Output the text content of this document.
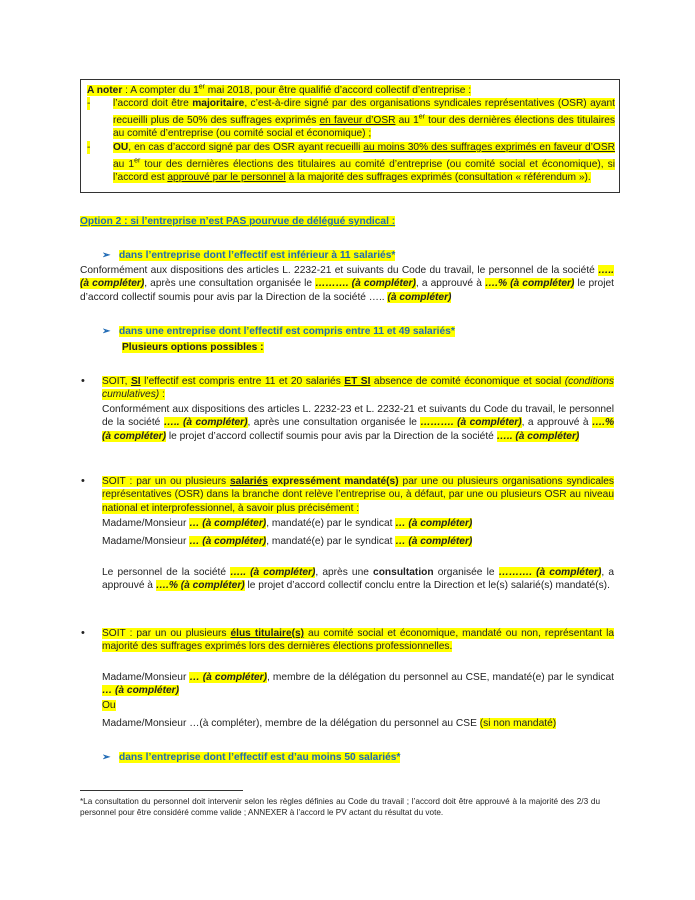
A noter : A compter du 1er mai 2018, pour être qualifié d’accord collectif d’entreprise :
- l’accord doit être majoritaire, c’est-à-dire signé par des organisations syndicales représentatives (OSR) ayant recueilli plus de 50% des suffrages exprimés en faveur d’OSR au 1er tour des dernières élections des titulaires au comité d’entreprise (ou comité social et économique) ;

- OU, en cas d’accord signé par des OSR ayant recueilli au moins 30% des suffrages exprimés en faveur d’OSR au 1er tour des dernières élections des titulaires au comité d’entreprise (ou comité social et économique), si l’accord est approuvé par le personnel à la majorité des suffrages exprimés (consultation « référendum »).

Option 2 : si l’entreprise n’est PAS pourvue de délégué syndical :
➢ dans l’entreprise dont l’effectif est inférieur à 11 salariés*

Conformément aux dispositions des articles L. 2232-21 et suivants du Code du travail, le personnel de la société ….. (à compléter), après une consultation organisée le ………. (à compléter), a approuvé à ….% (à compléter) le projet d’accord collectif soumis pour avis par la Direction de la société ….. (à compléter)

➢ dans une entreprise dont l’effectif est compris entre 11 et 49 salariés*
Plusieurs options possibles :
• SOIT, SI l’effectif est compris entre 11 et 20 salariés ET SI absence de comité économique et social (conditions cumulatives) :

Conformément aux dispositions des articles L. 2232-23 et L. 2232-21 et suivants du Code du travail, le personnel de la société ….. (à compléter), après une consultation organisée le ………. (à compléter), a approuvé à ….% (à compléter) le projet d’accord collectif soumis pour avis par la Direction de la société ….. (à compléter)

• SOIT : par un ou plusieurs salariés expressément mandaté(s) par une ou plusieurs organisations syndicales représentatives (OSR) dans la branche dont relève l’entreprise ou, à défaut, par une ou plusieurs OSR au niveau national et interprofessionnel, à savoir plus précisément :

Madame/Monsieur … (à compléter), mandaté(e) par le syndicat … (à compléter)

Madame/Monsieur … (à compléter), mandaté(e) par le syndicat … (à compléter)

Le personnel de la société ….. (à compléter), après une consultation organisée le ………. (à compléter), a approuvé à ….% (à compléter) le projet d’accord collectif conclu entre la Direction et le(s) salarié(s) mandaté(s).

• SOIT : par un ou plusieurs élus titulaire(s) au comité social et économique, mandaté ou non, représentant la majorité des suffrages exprimés lors des dernières élections professionnelles.

Madame/Monsieur … (à compléter), membre de la délégation du personnel au CSE, mandaté(e) par le syndicat … (à compléter)

Ou

Madame/Monsieur …(à compléter), membre de la délégation du personnel au CSE (si non mandaté)

➢ dans l’entreprise dont l’effectif est d’au moins 50 salariés*

*La consultation du personnel doit intervenir selon les règles définies au Code du travail ; l’accord doit être approuvé à la majorité des 2/3 du personnel pour être considéré comme valide ; ANNEXER à l’accord le PV actant du résultat du vote.
